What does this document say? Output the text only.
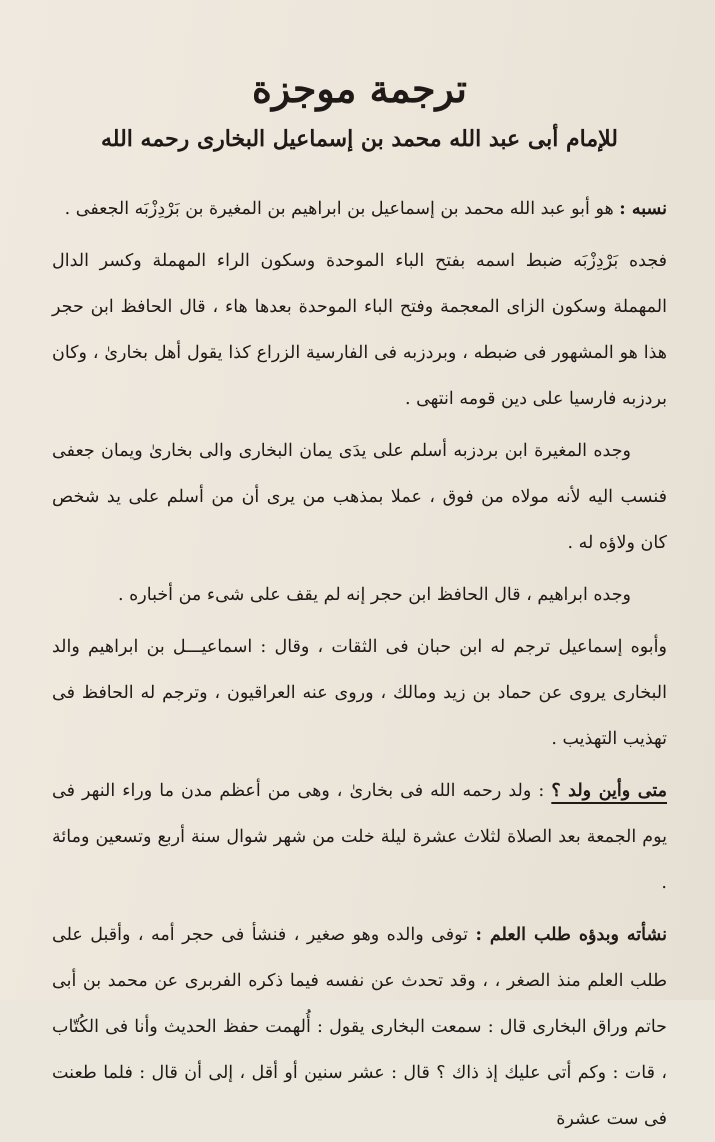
ترجمة موجزة
للإمام أبى عبد الله محمد بن إسماعيل البخارى رحمه الله

نسبه : هو أبو عبد الله محمد بن إسماعيل بن ابراهيم بن المغيرة بن بَرْدِزْبَه الجعفى .

فجده بَرْدِزْبَه ضبط اسمه بفتح الباء الموحدة وسكون الراء المهملة وكسر الدال المهملة وسكون الزاى المعجمة وفتح الباء الموحدة بعدها هاء ، قال الحافظ ابن حجر هذا هو المشهور فى ضبطه ، وبردزبه فى الفارسية الزراع كذا يقول أهل بخارىٰ ، وكان بردزبه فارسيا على دين قومه انتهى .

وجده المغيرة ابن بردزبه أسلم على يدَى يمان البخارى والى بخارىٰ ويمان جعفى فنسب اليه لأنه مولاه من فوق ، عملا بمذهب من يرى أن من أسلم على يد شخص كان ولاؤه له .

وجده ابراهيم ، قال الحافظ ابن حجر إنه لم يقف على شىء من أخباره .

وأبوه إسماعيل ترجم له ابن حبان فى الثقات ، وقال : اسماعيـــل بن ابراهيم والد البخارى يروى عن حماد بن زيد ومالك ، وروى عنه العراقيون ، وترجم له الحافظ فى تهذيب التهذيب .

متى وأين ولد ؟ : ولد رحمه الله فى بخارىٰ ، وهى من أعظم مدن ما وراء النهر فى يوم الجمعة بعد الصلاة لثلاث عشرة ليلة خلت من شهر شوال سنة أربع وتسعين ومائة .

نشأته وبدؤه طلب العلم : توفى والده وهو صغير ، فنشأ فى حجر أمه ، وأقبل على طلب العلم منذ الصغر ، ، وقد تحدث عن نفسه فيما ذكره الفربرى عن محمد بن أبى حاتم وراق البخارى قال : سمعت البخارى يقول : أُلهمت حفظ الحديث وأنا فى الكُتّاب ، قات : وكم أتى عليك إذ ذاك ؟ قال : عشر سنين أو أقل ، إلى أن قال : فلما طعنت فى ست عشرة
